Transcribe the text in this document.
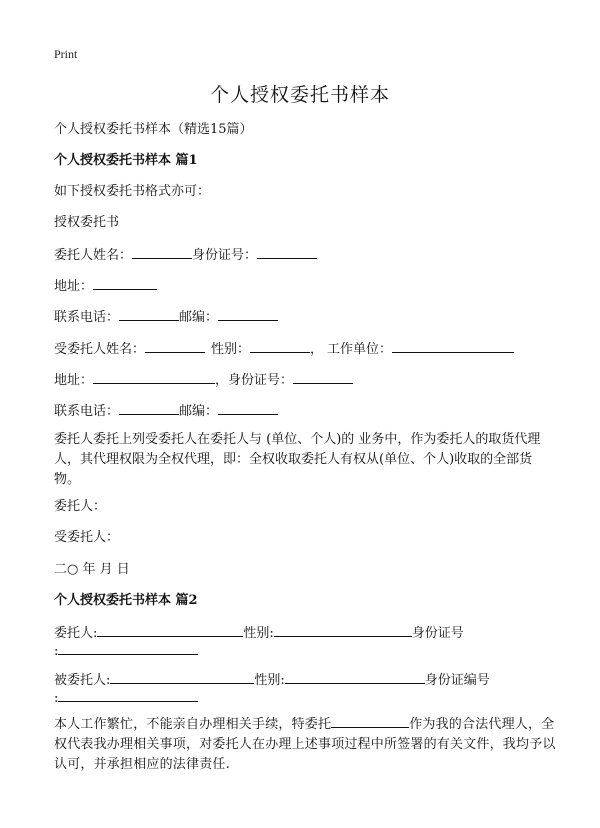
Print
个人授权委托书样本
个人授权委托书样本（精选15篇）
个人授权委托书样本 篇1
如下授权委托书格式亦可：
授权委托书
委托人姓名：	身份证号：
地址：
联系电话：	邮编：
受委托人姓名：	性别：	， 工作单位：
地址：	，身份证号：
联系电话：	邮编：
委托人委托上列受委托人在委托人与 (单位、个人)的 业务中，作为委托人的取货代理人，其代理权限为全权代理，即：全权收取委托人有权从(单位、个人)收取的全部货物。
委托人：
受委托人：
二○ 年 月 日
个人授权委托书样本 篇2
委托人:	性别:	身份证号
:
被委托人:	性别:	身份证编号
:
本人工作繁忙，不能亲自办理相关手续，特委托	作为我的合法代理人，全权代表我办理相关事项，对委托人在办理上述事项过程中所签署的有关文件，我均予以认可，并承担相应的法律责任.
